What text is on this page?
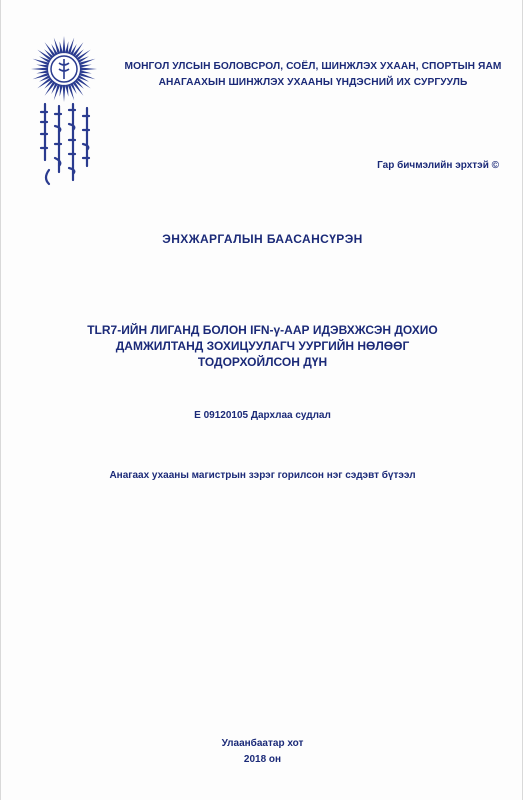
МОНГОЛ УЛСЫН БОЛОВСРОЛ, СОЁЛ, ШИНЖЛЭХ УХААН, СПОРТЫН ЯАМ
АНАГААХЫН ШИНЖЛЭХ УХААНЫ ҮНДЭСНИЙ ИХ СУРГУУЛЬ
Гар бичмэлийн эрхтэй ©
ЭНХЖАРГАЛЫН БААСАНСҮРЭН
TLR7-ИЙН ЛИГАНД БОЛОН IFN-γ-ААР ИДЭВХЖСЭН ДОХИО
ДАМЖИЛТАНД ЗОХИЦУУЛАГЧ УУРГИЙН НӨЛӨӨГ
ТОДОРХОЙЛСОН ДҮН
Е 09120105 Дархлаа судлал
Анагаах ухааны магистрын зэрэг горилсон нэг сэдэвт бүтээл
Улаанбаатар хот
2018 он
